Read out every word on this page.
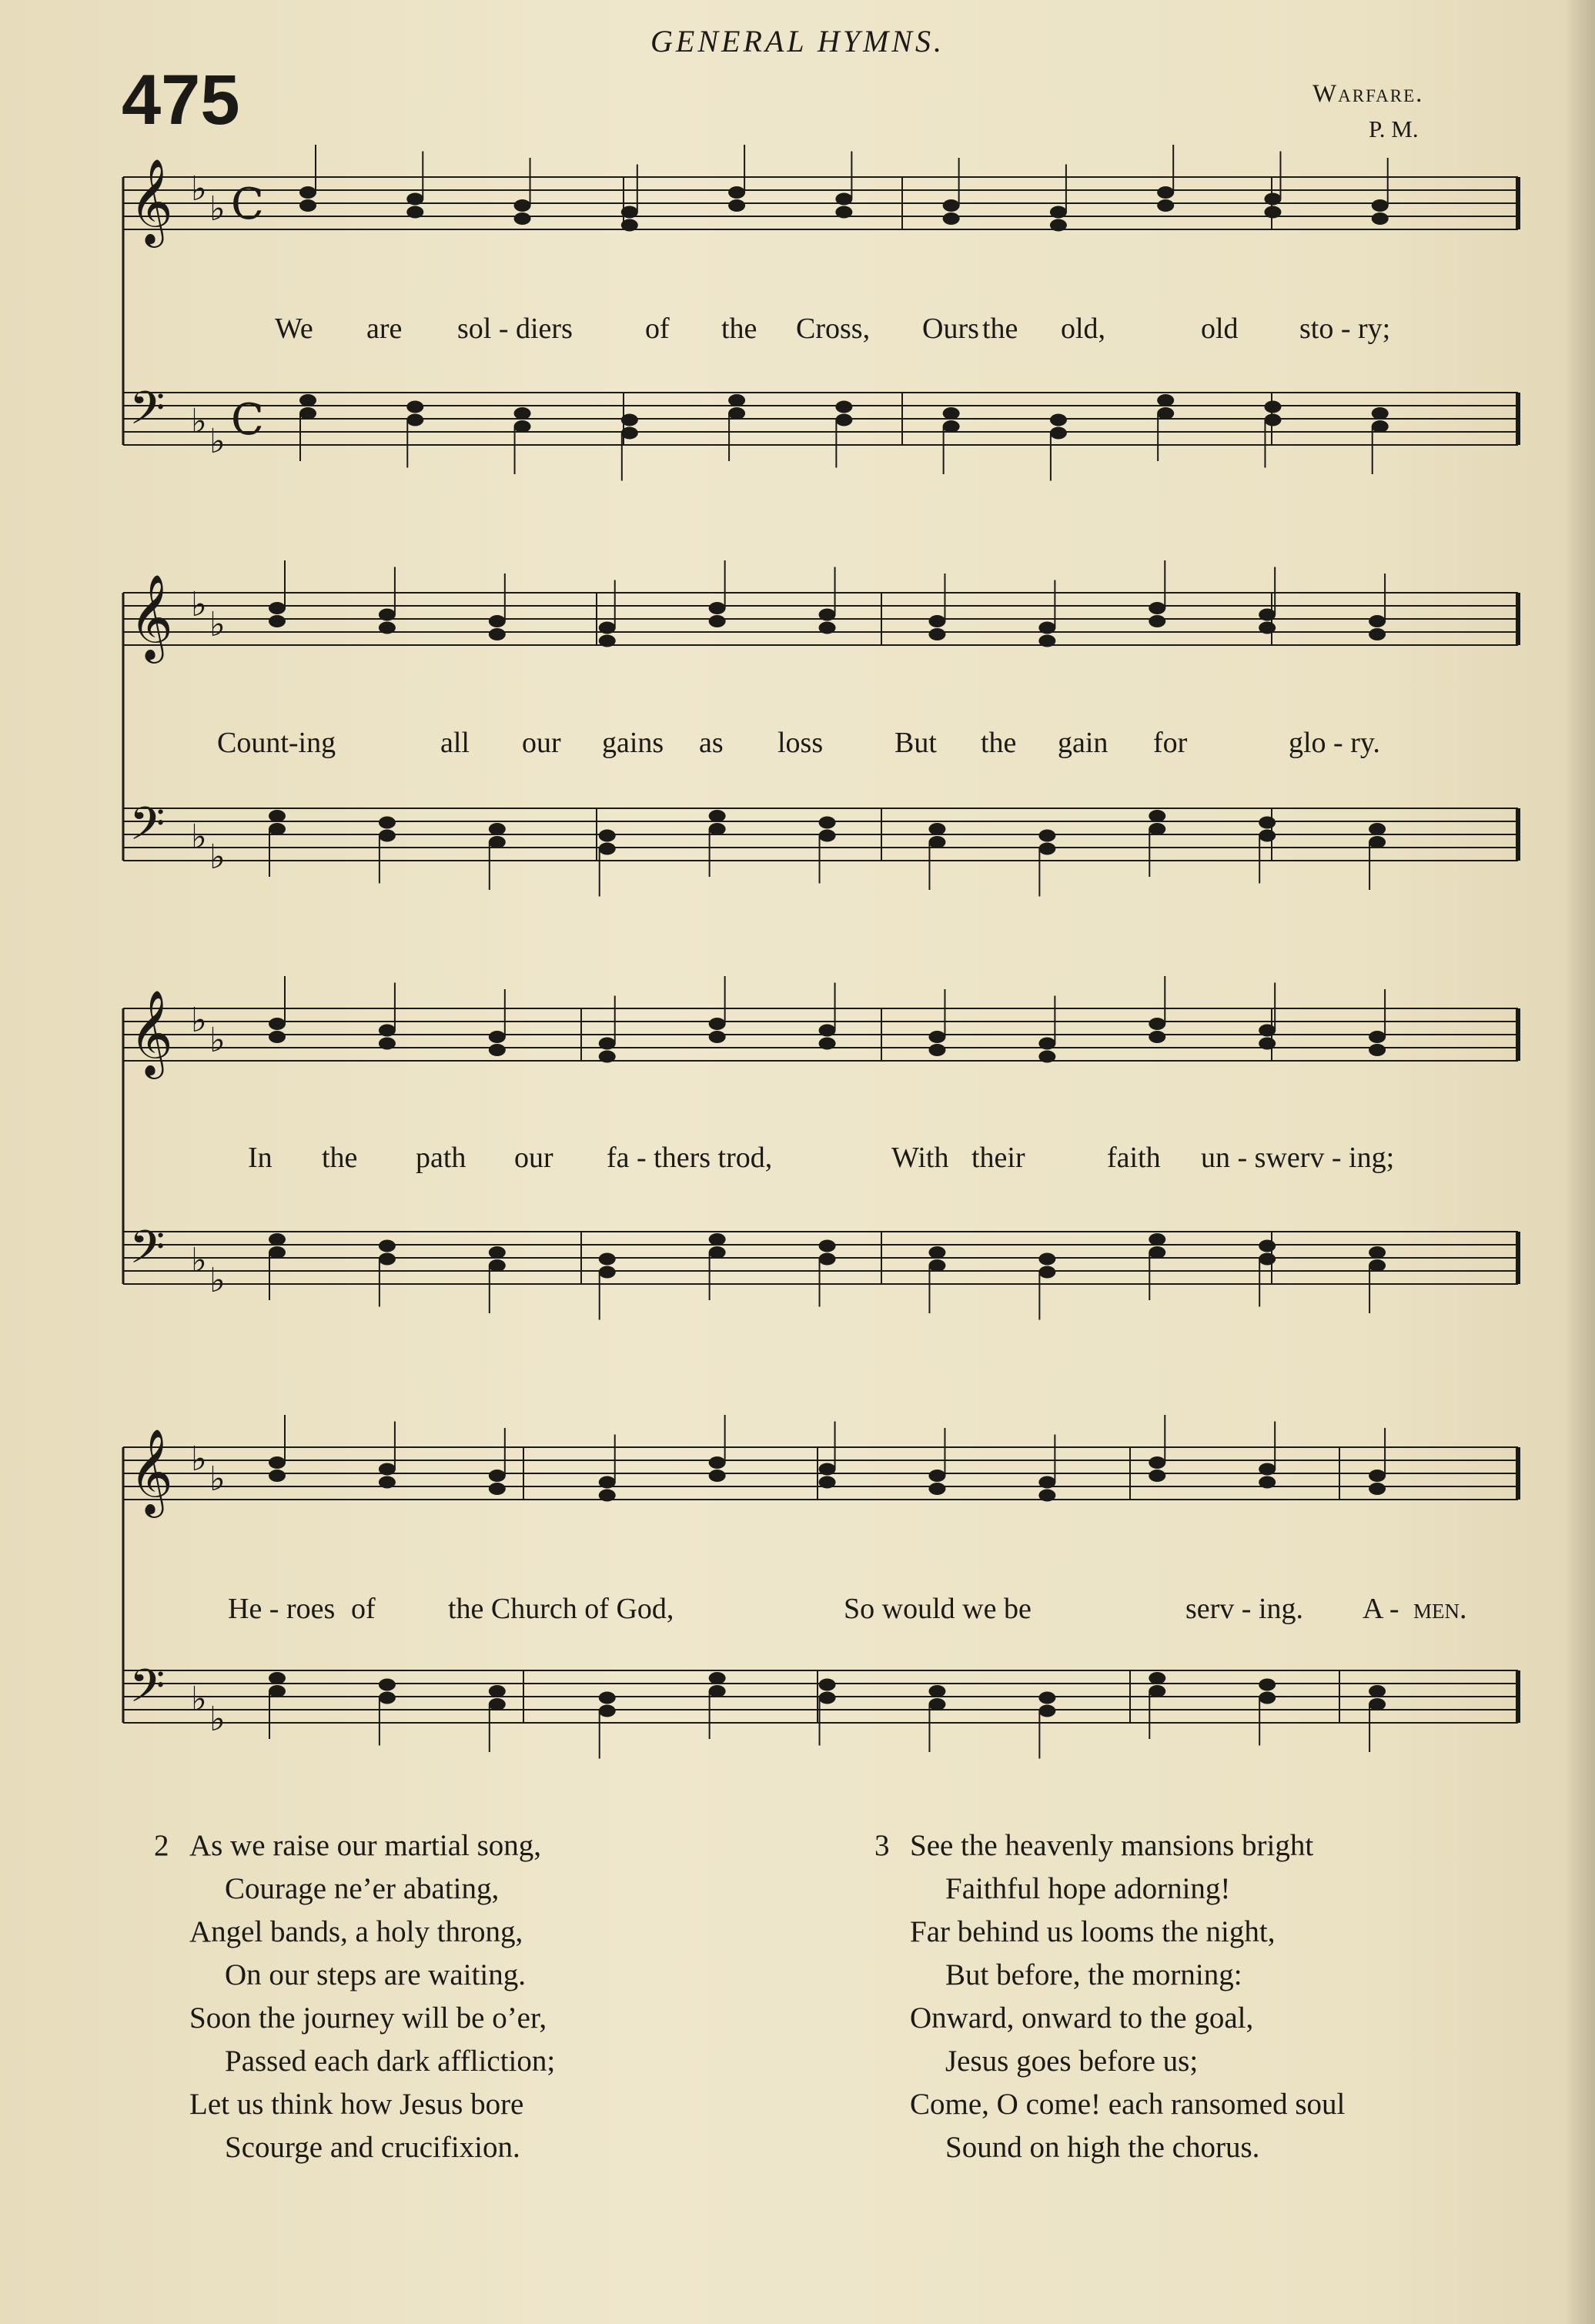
GENERAL HYMNS.
475	Warfare.
P. M.
𝄞 ♭
♭ C
𝄢 ♭
♭ C
𝄞 ♭
♭
𝄢 ♭
♭
𝄞 ♭
♭
𝄢 ♭
♭
𝄞 ♭
♭
𝄢 ♭
♭
We are sol - diers of the Cross, Ours the old,	old sto - ry;
Count-ing	all our gains as loss But the gain for	glo - ry.
In the path our fa - thers trod,	With their	faith un - swerv - ing;
He - roes of the Church of God,	So would we be	serv - ing. A - men.
2 As we raise our martial song,
Courage ne’er abating,
Angel bands, a holy throng,
On our steps are waiting.
Soon the journey will be o’er,
Passed each dark affliction;
Let us think how Jesus bore
Scourge and crucifixion.
3 See the heavenly mansions bright
Faithful hope adorning!
Far behind us looms the night,
But before, the morning:
Onward, onward to the goal,
Jesus goes before us;
Come, O come! each ransomed soul
Sound on high the chorus.
